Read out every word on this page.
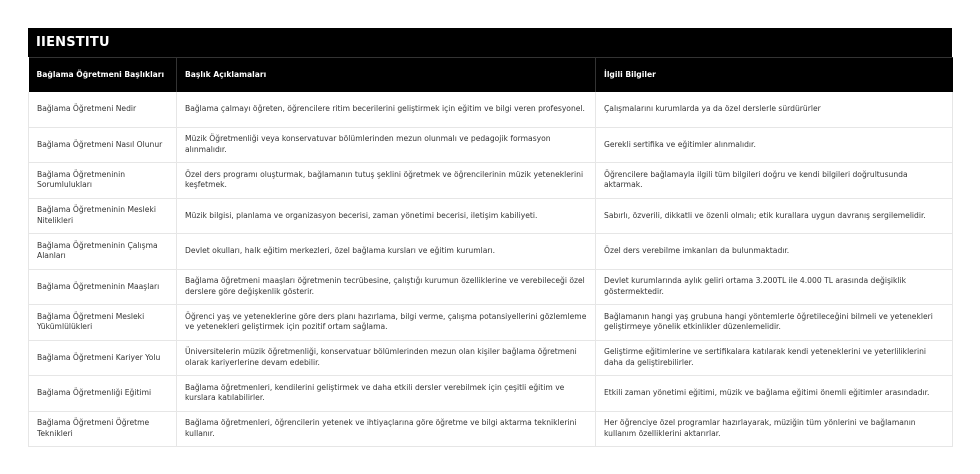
IIENSTITU
Bağlama Öğretmeni Başlıkları	Başlık Açıklamaları	İlgili Bilgiler
Bağlama Öğretmeni Nedir	Bağlama çalmayı öğreten, öğrencilere ritim becerilerini geliştirmek için eğitim ve bilgi veren profesyonel.	Çalışmalarını kurumlarda ya da özel derslerle sürdürürler
Bağlama Öğretmeni Nasıl Olunur	Müzik Öğretmenliği veya konservatuvar bölümlerinden mezun olunmalı ve pedagojik formasyon alınmalıdır.	Gerekli sertifika ve eğitimler alınmalıdır.
Bağlama Öğretmeninin Sorumlulukları	Özel ders programı oluşturmak, bağlamanın tutuş şeklini öğretmek ve öğrencilerinin müzik yeteneklerini keşfetmek.	Öğrencilere bağlamayla ilgili tüm bilgileri doğru ve kendi bilgileri doğrultusunda aktarmak.
Bağlama Öğretmeninin Mesleki Nitelikleri	Müzik bilgisi, planlama ve organizasyon becerisi, zaman yönetimi becerisi, iletişim kabiliyeti.	Sabırlı, özverili, dikkatli ve özenli olmalı; etik kurallara uygun davranış sergilemelidir.
Bağlama Öğretmeninin Çalışma Alanları	Devlet okulları, halk eğitim merkezleri, özel bağlama kursları ve eğitim kurumları.	Özel ders verebilme imkanları da bulunmaktadır.
Bağlama Öğretmeninin Maaşları	Bağlama öğretmeni maaşları öğretmenin tecrübesine, çalıştığı kurumun özelliklerine ve verebileceği özel derslere göre değişkenlik gösterir.	Devlet kurumlarında aylık geliri ortama 3.200TL ile 4.000 TL arasında değişiklik göstermektedir.
Bağlama Öğretmeni Mesleki Yükümlülükleri	Öğrenci yaş ve yeteneklerine göre ders planı hazırlama, bilgi verme, çalışma potansiyellerini gözlemleme ve yetenekleri geliştirmek için pozitif ortam sağlama.	Bağlamanın hangi yaş grubuna hangi yöntemlerle öğretileceğini bilmeli ve yetenekleri geliştirmeye yönelik etkinlikler düzenlemelidir.
Bağlama Öğretmeni Kariyer Yolu	Üniversitelerin müzik öğretmenliği, konservatuar bölümlerinden mezun olan kişiler bağlama öğretmeni olarak kariyerlerine devam edebilir.	Geliştirme eğitimlerine ve sertifikalara katılarak kendi yeteneklerini ve yeterliliklerini daha da geliştirebilirler.
Bağlama Öğretmenliği Eğitimi	Bağlama öğretmenleri, kendilerini geliştirmek ve daha etkili dersler verebilmek için çeşitli eğitim ve kurslara katılabilirler.	Etkili zaman yönetimi eğitimi, müzik ve bağlama eğitimi önemli eğitimler arasındadır.
Bağlama Öğretmeni Öğretme Teknikleri	Bağlama öğretmenleri, öğrencilerin yetenek ve ihtiyaçlarına göre öğretme ve bilgi aktarma tekniklerini kullanır.	Her öğrenciye özel programlar hazırlayarak, müziğin tüm yönlerini ve bağlamanın kullanım özelliklerini aktarırlar.
